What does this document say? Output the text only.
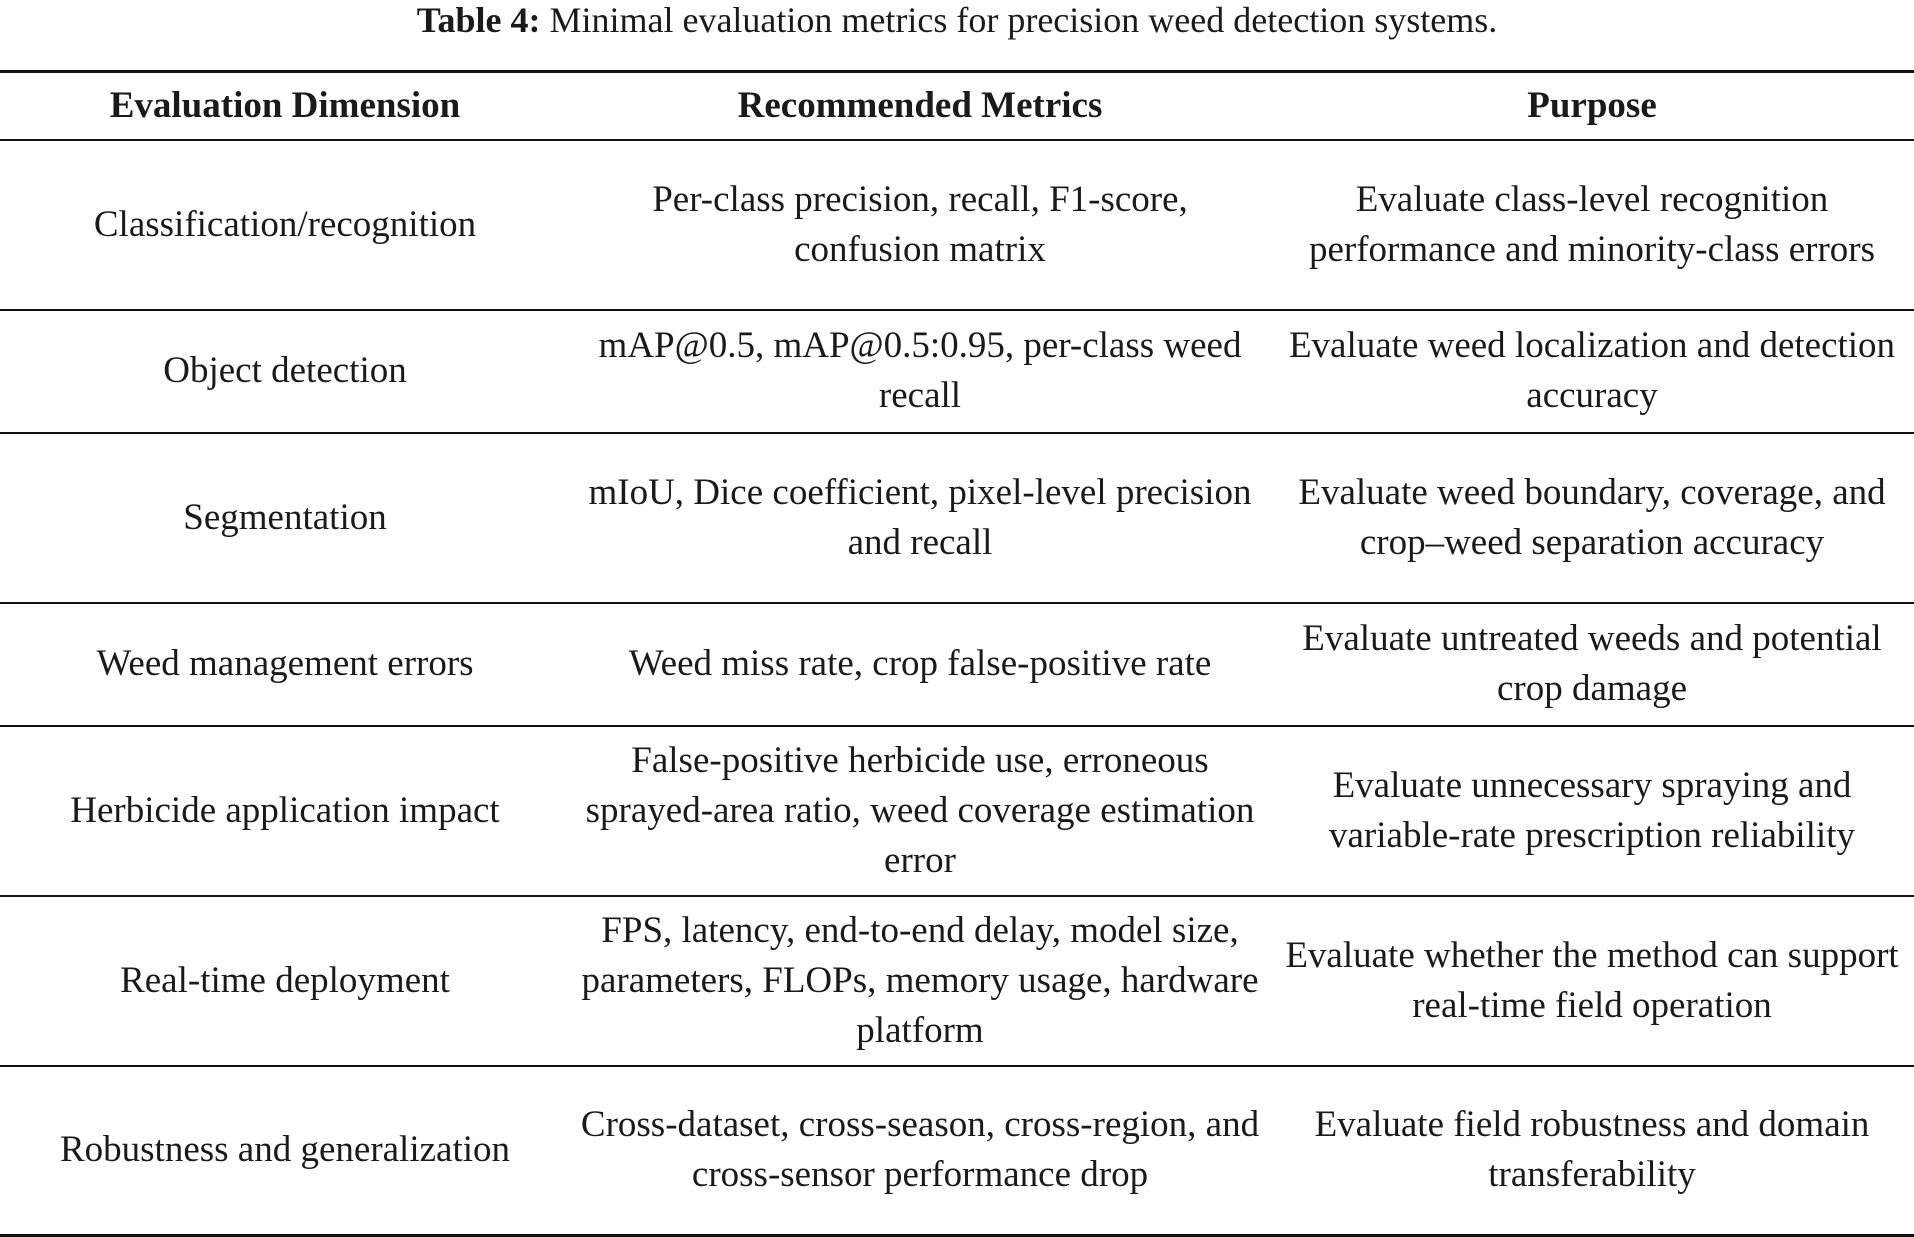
Table 4: Minimal evaluation metrics for precision weed detection systems.
Evaluation Dimension	Recommended Metrics	Purpose
Classification/recognition	Per-class precision, recall, F1-score, confusion matrix	Evaluate class-level recognition performance and minority-class errors
Object detection	mAP@0.5, mAP@0.5:0.95, per-class weed recall	Evaluate weed localization and detection accuracy
Segmentation	mIoU, Dice coefficient, pixel-level precision and recall	Evaluate weed boundary, coverage, and crop–weed separation accuracy
Weed management errors	Weed miss rate, crop false-positive rate	Evaluate untreated weeds and potential crop damage
Herbicide application impact	False-positive herbicide use, erroneous sprayed-area ratio, weed coverage estimation error	Evaluate unnecessary spraying and variable-rate prescription reliability
Real-time deployment	FPS, latency, end-to-end delay, model size, parameters, FLOPs, memory usage, hardware platform	Evaluate whether the method can support real-time field operation
Robustness and generalization	Cross-dataset, cross-season, cross-region, and cross-sensor performance drop	Evaluate field robustness and domain transferability
